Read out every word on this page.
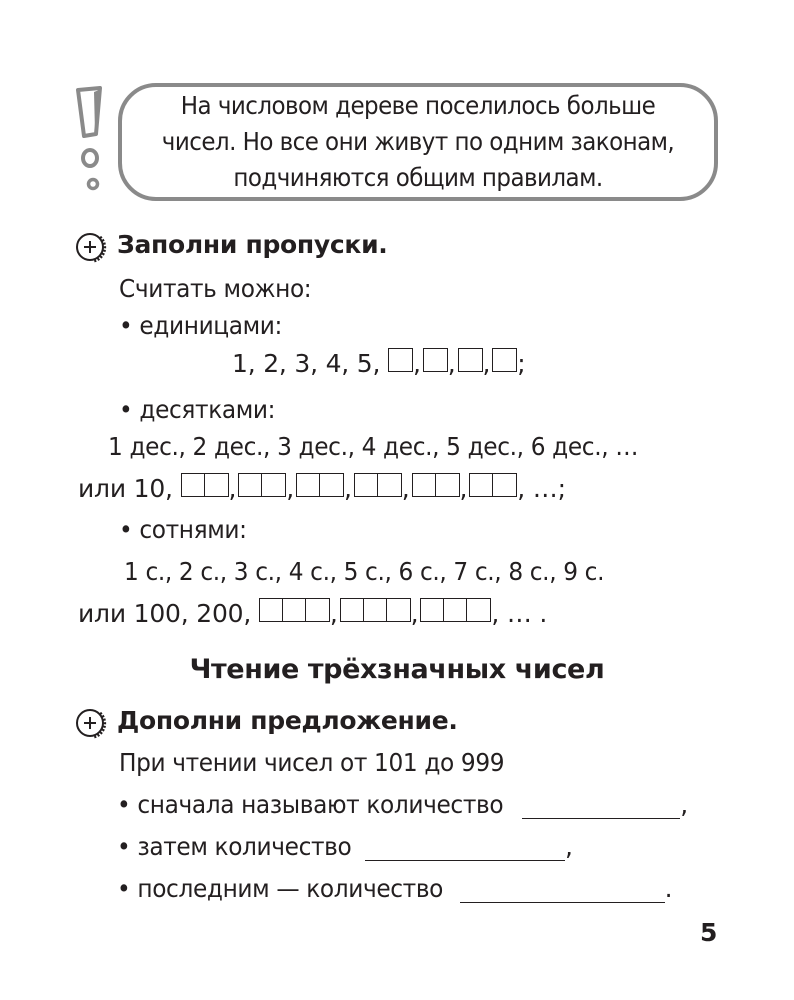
На числовом дереве поселилось больше
чисел. Но все они живут по одним законам,
подчиняются общим правилам.
Заполни пропуски.
Считать можно:
• единицами:
1, 2, 3, 4, 5,
, , , ;
• десятками:
1 дес., 2 дес., 3 дес., 4 дес., 5 дес., 6 дес., …
или 10,
, , , , , , …;
• сотнями:
1 с., 2 с., 3 с., 4 с., 5 с., 6 с., 7 с., 8 с., 9 с.
или 100, 200,
	,	,	, … .
Чтение трёхзначных чисел
Дополни предложение.
При чтении чисел от 101 до 999
• сначала называют количество	,
• затем количество	,
• последним — количество	.
5
